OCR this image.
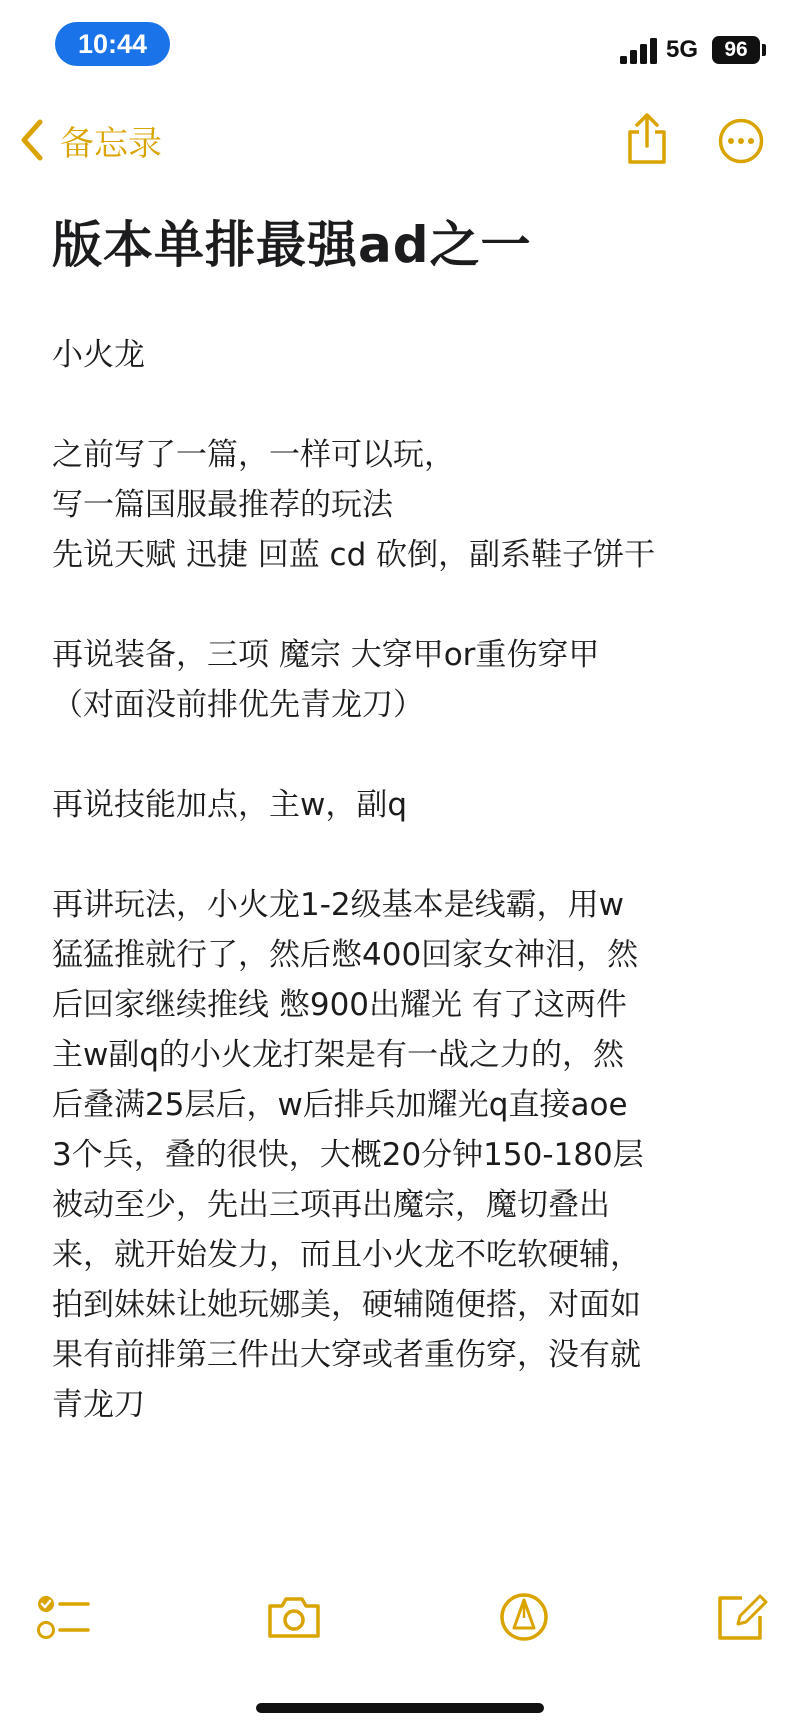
10:44	5G	96
备忘录
版本单排最强ad之一
小火龙
之前写了一篇，一样可以玩，
写一篇国服最推荐的玩法
先说天赋 迅捷 回蓝 cd 砍倒，副系鞋子饼干
再说装备，三项 魔宗 大穿甲or重伤穿甲
（对面没前排优先青龙刀）
再说技能加点，主w，副q
再讲玩法，小火龙1-2级基本是线霸，用w
猛猛推就行了，然后憋400回家女神泪，然
后回家继续推线 憋900出耀光 有了这两件
主w副q的小火龙打架是有一战之力的，然
后叠满25层后，w后排兵加耀光q直接aoe
3个兵，叠的很快，大概20分钟150-180层
被动至少，先出三项再出魔宗，魔切叠出
来，就开始发力，而且小火龙不吃软硬辅，
拍到妹妹让她玩娜美，硬辅随便搭，对面如
果有前排第三件出大穿或者重伤穿，没有就
青龙刀
